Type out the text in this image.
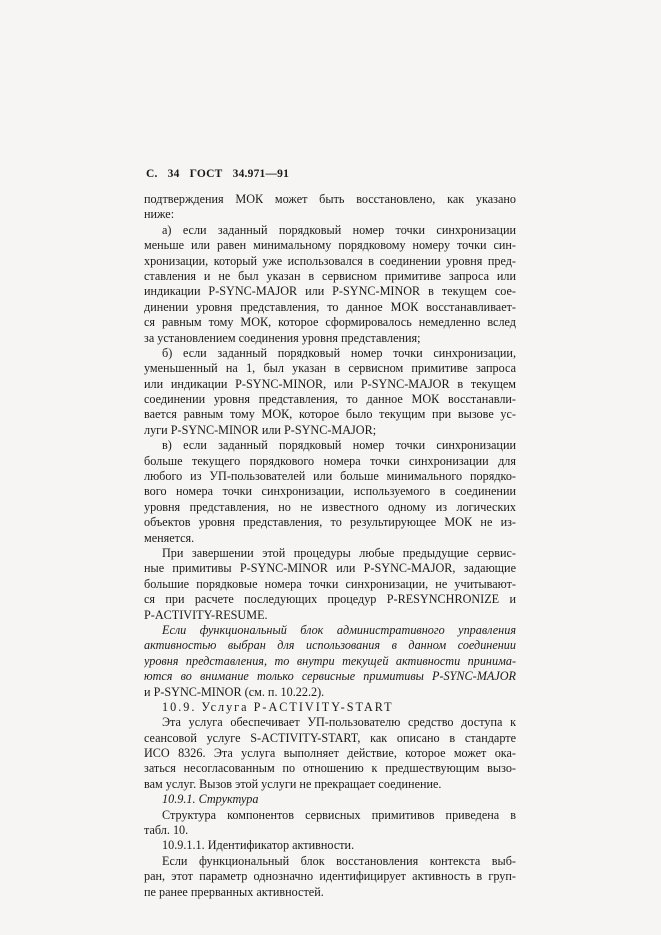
С. 34 ГОСТ 34.971—91
подтверждения МОК может быть восстановлено, как указано
ниже:
а) если заданный порядковый номер точки синхронизации
меньше или равен минимальному порядковому номеру точки син-
хронизации, который уже использовался в соединении уровня пред-
ставления и не был указан в сервисном примитиве запроса или
индикации P-SYNC-MAJOR или P-SYNC-MINOR в текущем сое-
динении уровня представления, то данное МОК восстанавливает-
ся равным тому МОК, которое сформировалось немедленно вслед
за установлением соединения уровня представления;
б) если заданный порядковый номер точки синхронизации,
уменьшенный на 1, был указан в сервисном примитиве запроса
или индикации P-SYNC-MINOR, или P-SYNC-MAJOR в текущем
соединении уровня представления, то данное МОК восстанавли-
вается равным тому МОК, которое было текущим при вызове ус-
луги P-SYNC-MINOR или P-SYNC-MAJOR;
в) если заданный порядковый номер точки синхронизации
больше текущего порядкового номера точки синхронизации для
любого из УП-пользователей или больше минимального порядко-
вого номера точки синхронизации, используемого в соединении
уровня представления, но не известного одному из логических
объектов уровня представления, то результирующее МОК не из-
меняется.
При завершении этой процедуры любые предыдущие сервис-
ные примитивы P-SYNC-MINOR или P-SYNC-MAJOR, задающие
большие порядковые номера точки синхронизации, не учитывают-
ся при расчете последующих процедур P-RESYNCHRONIZE и
P-ACTIVITY-RESUME.
Если функциональный блок административного управления
активностью выбран для использования в данном соединении
уровня представления, то внутри текущей активности принима-
ются во внимание только сервисные примитивы P-SYNC-MAJOR
и P-SYNC-MINOR (см. п. 10.22.2).
10.9. Услуга P-ACTIVITY-START
Эта услуга обеспечивает УП-пользователю средство доступа к
сеансовой услуге S-ACTIVITY-START, как описано в стандарте
ИСО 8326. Эта услуга выполняет действие, которое может ока-
заться несогласованным по отношению к предшествующим вызо-
вам услуг. Вызов этой услуги не прекращает соединение.
10.9.1. Структура
Структура компонентов сервисных примитивов приведена в
табл. 10.
10.9.1.1. Идентификатор активности.
Если функциональный блок восстановления контекста выб-
ран, этот параметр однозначно идентифицирует активность в груп-
пе ранее прерванных активностей.
